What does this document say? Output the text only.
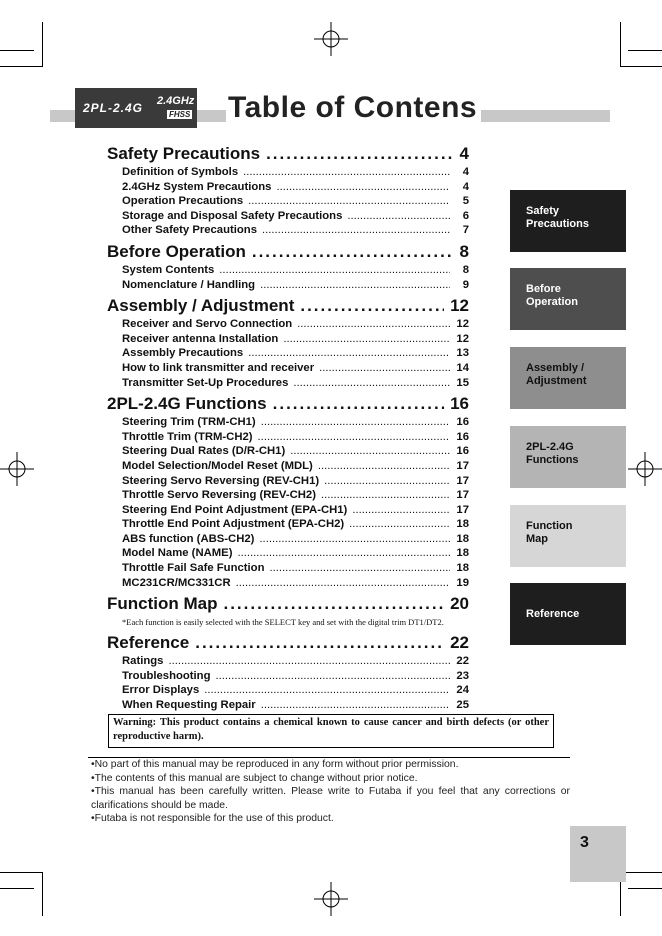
2PL-2.4G 2.4GHz
FHSS Table of Contens
Safety Precautions .....	4
Definition of Symbols .....	4
2.4GHz System Precautions .....	4
Operation Precautions .....	5
Storage and Disposal Safety Precautions .....	6
Other Safety Precautions .....	7
Before Operation .....	8
System Contents .....	8
Nomenclature / Handling .....	9
Assembly / Adjustment .....	12
Receiver and Servo Connection .....	12
Receiver antenna Installation .....	12
Assembly Precautions .....	13
How to link transmitter and receiver .....	14
Transmitter Set-Up Procedures .....	15
2PL-2.4G Functions .....	16
Steering Trim (TRM-CH1) .....	16
Throttle Trim (TRM-CH2) .....	16
Steering Dual Rates (D/R-CH1) .....	16
Model Selection/Model Reset (MDL) .....	17
Steering Servo Reversing (REV-CH1) .....	17
Throttle Servo Reversing (REV-CH2) .....	17
Steering End Point Adjustment (EPA-CH1) .....	17
Throttle End Point Adjustment (EPA-CH2) .....	18
ABS function (ABS-CH2) .....	18
Model Name (NAME) .....	18
Throttle Fail Safe Function .....	18
MC231CR/MC331CR .....	19
Function Map .....	20
*Each function is easily selected with the SELECT key and set with the digital trim DT1/DT2.
Reference .....	22
Ratings .....	22
Troubleshooting .....	23
Error Displays .....	24
When Requesting Repair .....	25
Safety
Precautions
Before
Operation
Assembly /
Adjustment
2PL-2.4G
Functions
Function
Map
Reference
Warning: This product contains a chemical known to cause cancer and birth defects (or other reproductive harm).
•No part of this manual may be reproduced in any form without prior permission.
•The contents of this manual are subject to change without prior notice.
•This manual has been carefully written. Please write to Futaba if you feel that any corrections or clarifications should be made.
•Futaba is not responsible for the use of this product.
3
